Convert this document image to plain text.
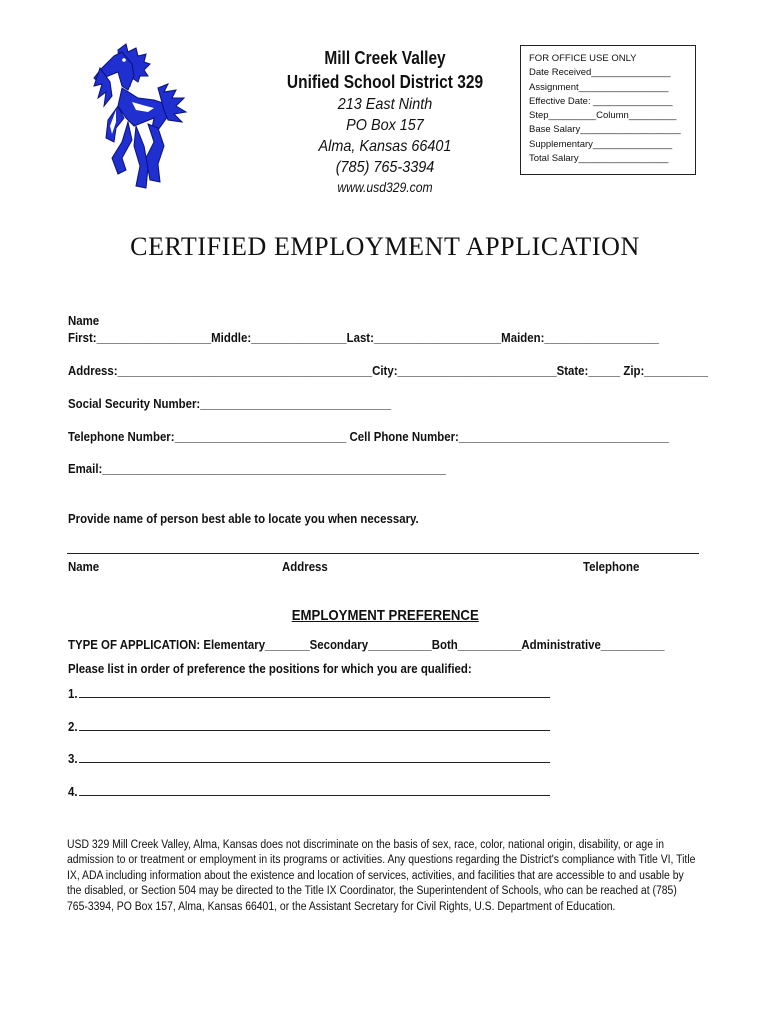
Mill Creek Valley
Unified School District 329
213 East Ninth
PO Box 157
Alma, Kansas 66401
(785) 765-3394
www.usd329.com
FOR OFFICE USE ONLY
Date Received_______________
Assignment_________________
Effective Date: _______________
Step_________Column_________
Base Salary___________________
Supplementary_______________
Total Salary_________________
CERTIFIED EMPLOYMENT APPLICATION
Name
First:__________________Middle:_______________Last:____________________Maiden:__________________
Address:________________________________________City:_________________________State:_____ Zip:__________
Social Security Number:______________________________
Telephone Number:___________________________ Cell Phone Number:_________________________________
Email:______________________________________________________
Provide name of person best able to locate you when necessary.
Name	Address	Telephone
EMPLOYMENT PREFERENCE
TYPE OF APPLICATION: Elementary_______Secondary__________Both__________Administrative__________
Please list in order of preference the positions for which you are qualified:
1.
2.
3.
4.
USD 329 Mill Creek Valley, Alma, Kansas does not discriminate on the basis of sex, race, color, national origin, disability, or age in admission to or treatment or employment in its programs or activities. Any questions regarding the District's compliance with Title VI, Title IX, ADA including information about the existence and location of services, activities, and facilities that are accessible to and usable by the disabled, or Section 504 may be directed to the Title IX Coordinator, the Superintendent of Schools, who can be reached at (785) 765-3394, PO Box 157, Alma, Kansas 66401, or the Assistant Secretary for Civil Rights, U.S. Department of Education.
